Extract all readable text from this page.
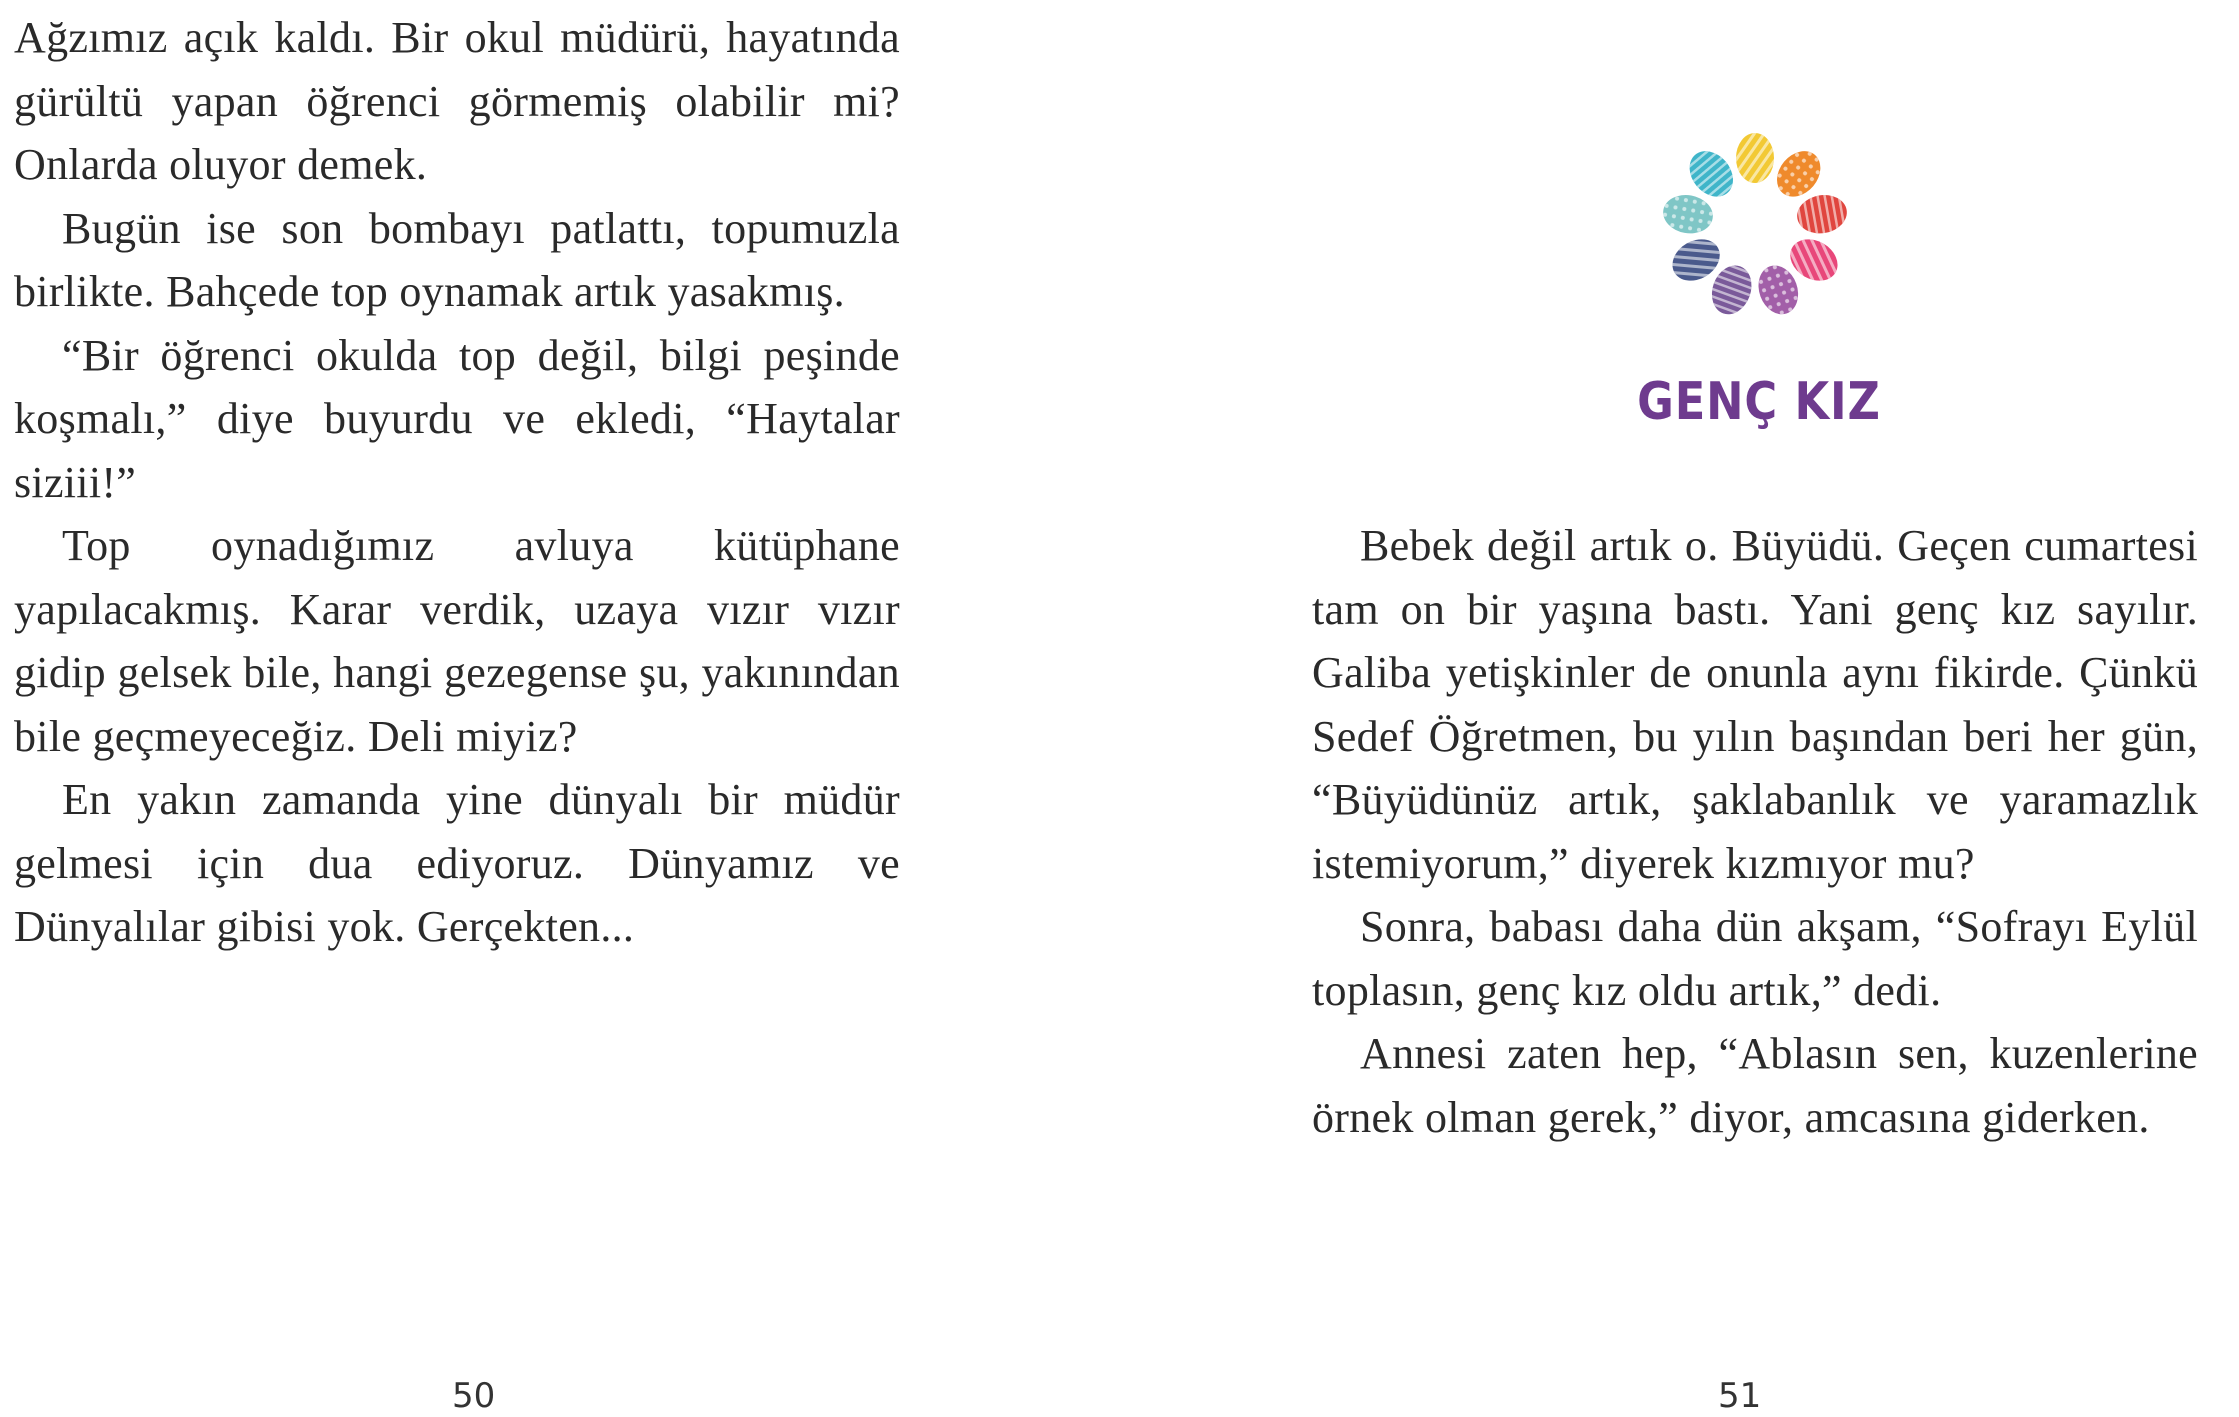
Ağzımız açık kaldı. Bir okul müdürü, hayatında gürültü yapan öğrenci görmemiş olabilir mi? Onlarda oluyor demek.

Bugün ise son bombayı patlattı, topumuzla birlikte. Bahçede top oynamak artık yasakmış.

“Bir öğrenci okulda top değil, bilgi peşinde koşmalı,” diye buyurdu ve ekledi, “Haytalar siziii!”

Top oynadığımız avluya kütüphane yapılacakmış. Karar verdik, uzaya vızır vızır gidip gelsek bile, hangi gezegense şu, yakınından bile geçmeyeceğiz. Deli miyiz?

En yakın zamanda yine dünyalı bir müdür gelmesi için dua ediyoruz. Dünyamız ve Dünyalılar gibisi yok. Gerçekten...

50
GENÇ KIZ

Bebek değil artık o. Büyüdü. Geçen cumartesi tam on bir yaşına bastı. Yani genç kız sayılır. Galiba yetişkinler de onunla aynı fikirde. Çünkü Sedef Öğretmen, bu yılın başından beri her gün, “Büyüdünüz artık, şaklabanlık ve yaramazlık istemiyorum,” diyerek kızmıyor mu?

Sonra, babası daha dün akşam, “Sofrayı Eylül toplasın, genç kız oldu artık,” dedi.

Annesi zaten hep, “Ablasın sen, kuzenlerine örnek olman gerek,” diyor, amcasına giderken.

51
